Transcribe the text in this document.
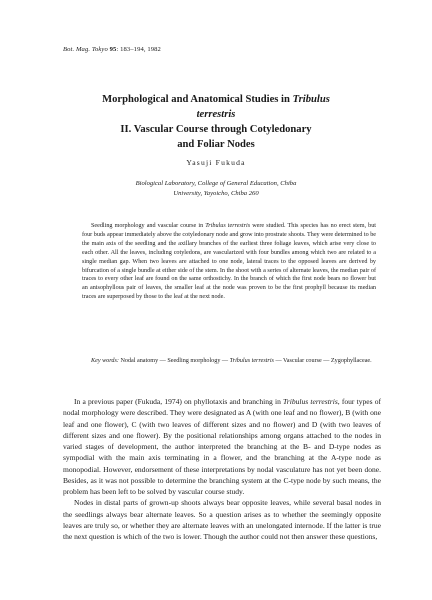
Bot. Mag. Tokyo 95: 183–194, 1982
Morphological and Anatomical Studies in Tribulus
terrestris
II. Vascular Course through Cotyledonary
and Foliar Nodes
Yasuji Fukuda
Biological Laboratory, College of General Education, Chiba
University, Yayoicho, Chiba 260

Seedling morphology and vascular course in Tribulus terrestris were studied. This species has no erect stem, but four buds appear immediately above the cotyledonary node and grow into prostrate shoots. They were determined to be the main axis of the seedling and the axillary branches of the earliest three foliage leaves, which arise very close to each other. All the leaves, including cotyledons, are vascularized with four bundles among which two are related to a single median gap. When two leaves are attached to one node, lateral traces to the opposed leaves are derived by bifurcation of a single bundle at either side of the stem. In the shoot with a series of alternate leaves, the median pair of traces to every other leaf are found on the same orthostichy. In the branch of which the first node bears no flower but an anisophyllous pair of leaves, the smaller leaf at the node was proven to be the first prophyll because its median traces are superposed by those to the leaf at the next node.

Key words: Nodal anatomy — Seedling morphology — Tribulus terrestris — Vascular course — Zygophyllaceae.

In a previous paper (Fukuda, 1974) on phyllotaxis and branching in Tribulus terrestris, four types of nodal morphology were described. They were designated as A (with one leaf and no flower), B (with one leaf and one flower), C (with two leaves of different sizes and no flower) and D (with two leaves of different sizes and one flower). By the positional relationships among organs attached to the nodes in varied stages of development, the author interpreted the branching at the B- and D-type nodes as sympodial with the main axis terminating in a flower, and the branching at the A-type node as monopodial. However, endorsement of these interpretations by nodal vasculature has not yet been done. Besides, as it was not possible to determine the branching system at the C-type node by such means, the problem has been left to be solved by vascular course study.

Nodes in distal parts of grown-up shoots always bear opposite leaves, while several basal nodes in the seedlings always bear alternate leaves. So a question arises as to whether the seemingly opposite leaves are truly so, or whether they are alternate leaves with an unelongated internode. If the latter is true the next question is which of the two is lower. Though the author could not then answer these questions,
